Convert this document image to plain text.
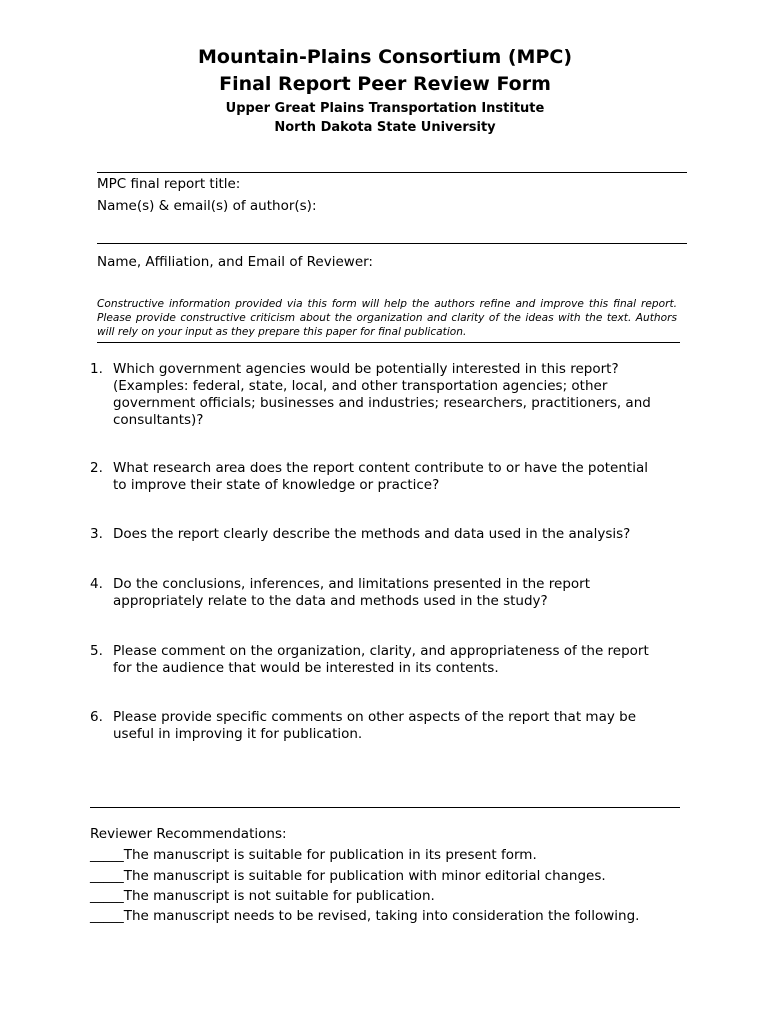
Mountain-Plains Consortium (MPC)
Final Report Peer Review Form
Upper Great Plains Transportation Institute
North Dakota State University
MPC final report title:
Name(s) & email(s) of author(s):
Name, Affiliation, and Email of Reviewer:

Constructive information provided via this form will help the authors refine and improve this final report. Please provide constructive criticism about the organization and clarity of the ideas with the text. Authors will rely on your input as they prepare this paper for final publication.

1. Which government agencies would be potentially interested in this report?
(Examples: federal, state, local, and other transportation agencies; other
government officials; businesses and industries; researchers, practitioners, and
consultants)?
2. What research area does the report content contribute to or have the potential
to improve their state of knowledge or practice?
3. Does the report clearly describe the methods and data used in the analysis?
4. Do the conclusions, inferences, and limitations presented in the report
appropriately relate to the data and methods used in the study?
5. Please comment on the organization, clarity, and appropriateness of the report
for the audience that would be interested in its contents.
6. Please provide specific comments on other aspects of the report that may be
useful in improving it for publication.
Reviewer Recommendations:
_____The manuscript is suitable for publication in its present form.
_____The manuscript is suitable for publication with minor editorial changes.
_____The manuscript is not suitable for publication.
_____The manuscript needs to be revised, taking into consideration the following.
